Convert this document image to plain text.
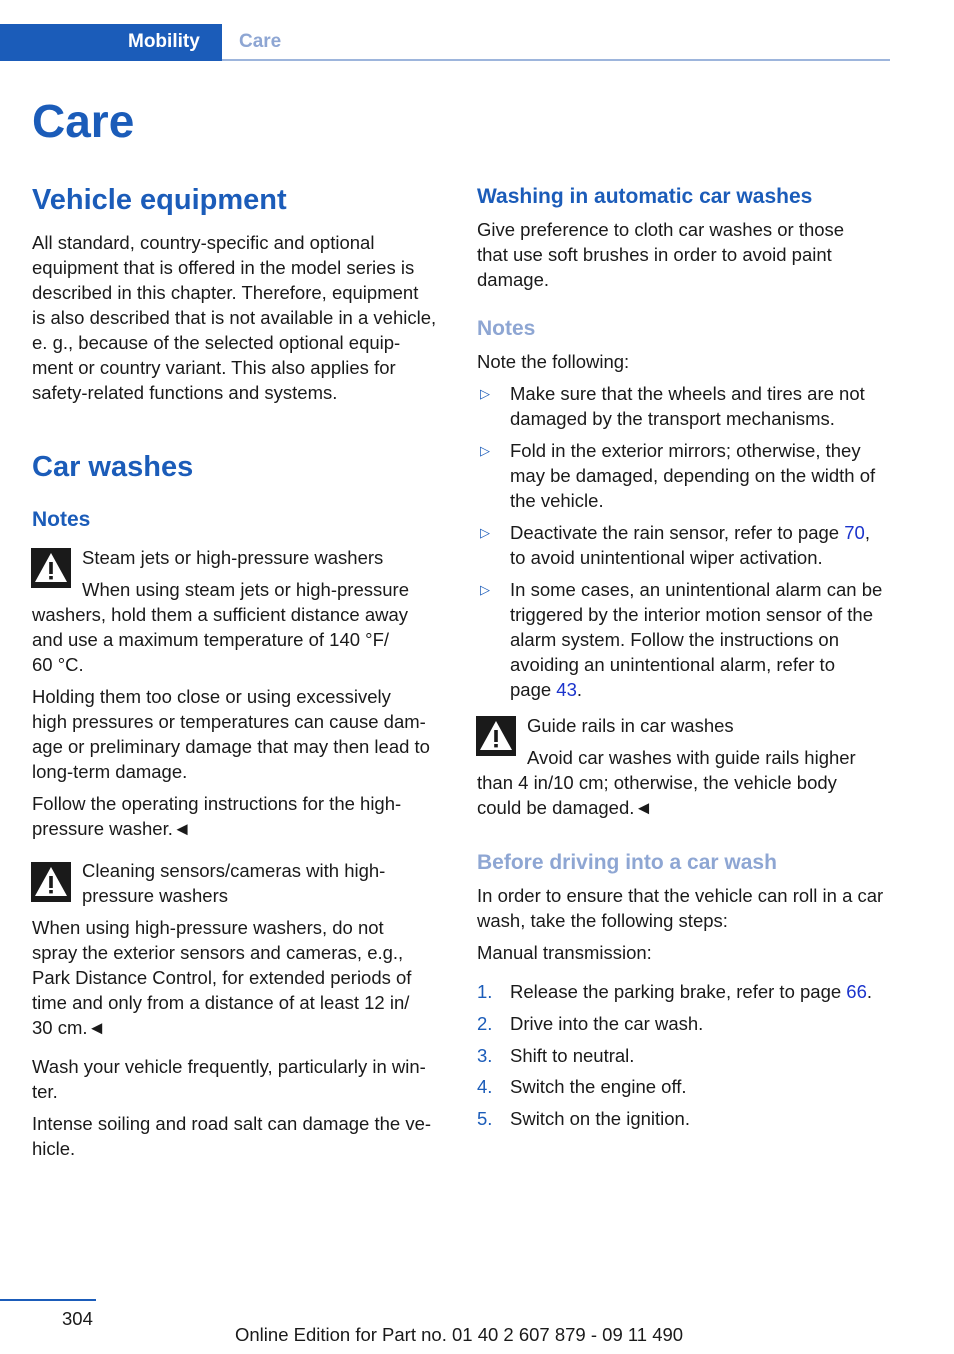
Mobility Care
Care
Vehicle equipment
All standard, country-specific and optional
equipment that is offered in the model series is
described in this chapter. Therefore, equipment
is also described that is not available in a vehicle,
e. g., because of the selected optional equip-
ment or country variant. This also applies for
safety-related functions and systems.
Car washes
Notes
Steam jets or high-pressure washers
When using steam jets or high-pressure
washers, hold them a sufficient distance away
and use a maximum temperature of 140 °F/
60 °C.
Holding them too close or using excessively
high pressures or temperatures can cause dam-
age or preliminary damage that may then lead to
long-term damage.
Follow the operating instructions for the high-
pressure washer.◄
Cleaning sensors/cameras with high-
pressure washers
When using high-pressure washers, do not
spray the exterior sensors and cameras, e.g.,
Park Distance Control, for extended periods of
time and only from a distance of at least 12 in/
30 cm.◄
Wash your vehicle frequently, particularly in win-
ter.
Intense soiling and road salt can damage the ve-
hicle.
Washing in automatic car washes
Give preference to cloth car washes or those
that use soft brushes in order to avoid paint
damage.
Notes
Note the following:
▷ Make sure that the wheels and tires are not
damaged by the transport mechanisms.
▷ Fold in the exterior mirrors; otherwise, they
may be damaged, depending on the width of
the vehicle.
▷ Deactivate the rain sensor, refer to page 70,
to avoid unintentional wiper activation.
▷ In some cases, an unintentional alarm can be
triggered by the interior motion sensor of the
alarm system. Follow the instructions on
avoiding an unintentional alarm, refer to
page 43.
Guide rails in car washes
Avoid car washes with guide rails higher
than 4 in/10 cm; otherwise, the vehicle body
could be damaged.◄
Before driving into a car wash
In order to ensure that the vehicle can roll in a car
wash, take the following steps:
Manual transmission:
1. Release the parking brake, refer to page 66.
2. Drive into the car wash.
3. Shift to neutral.
4. Switch the engine off.
5. Switch on the ignition.
304
Online Edition for Part no. 01 40 2 607 879 - 09 11 490
